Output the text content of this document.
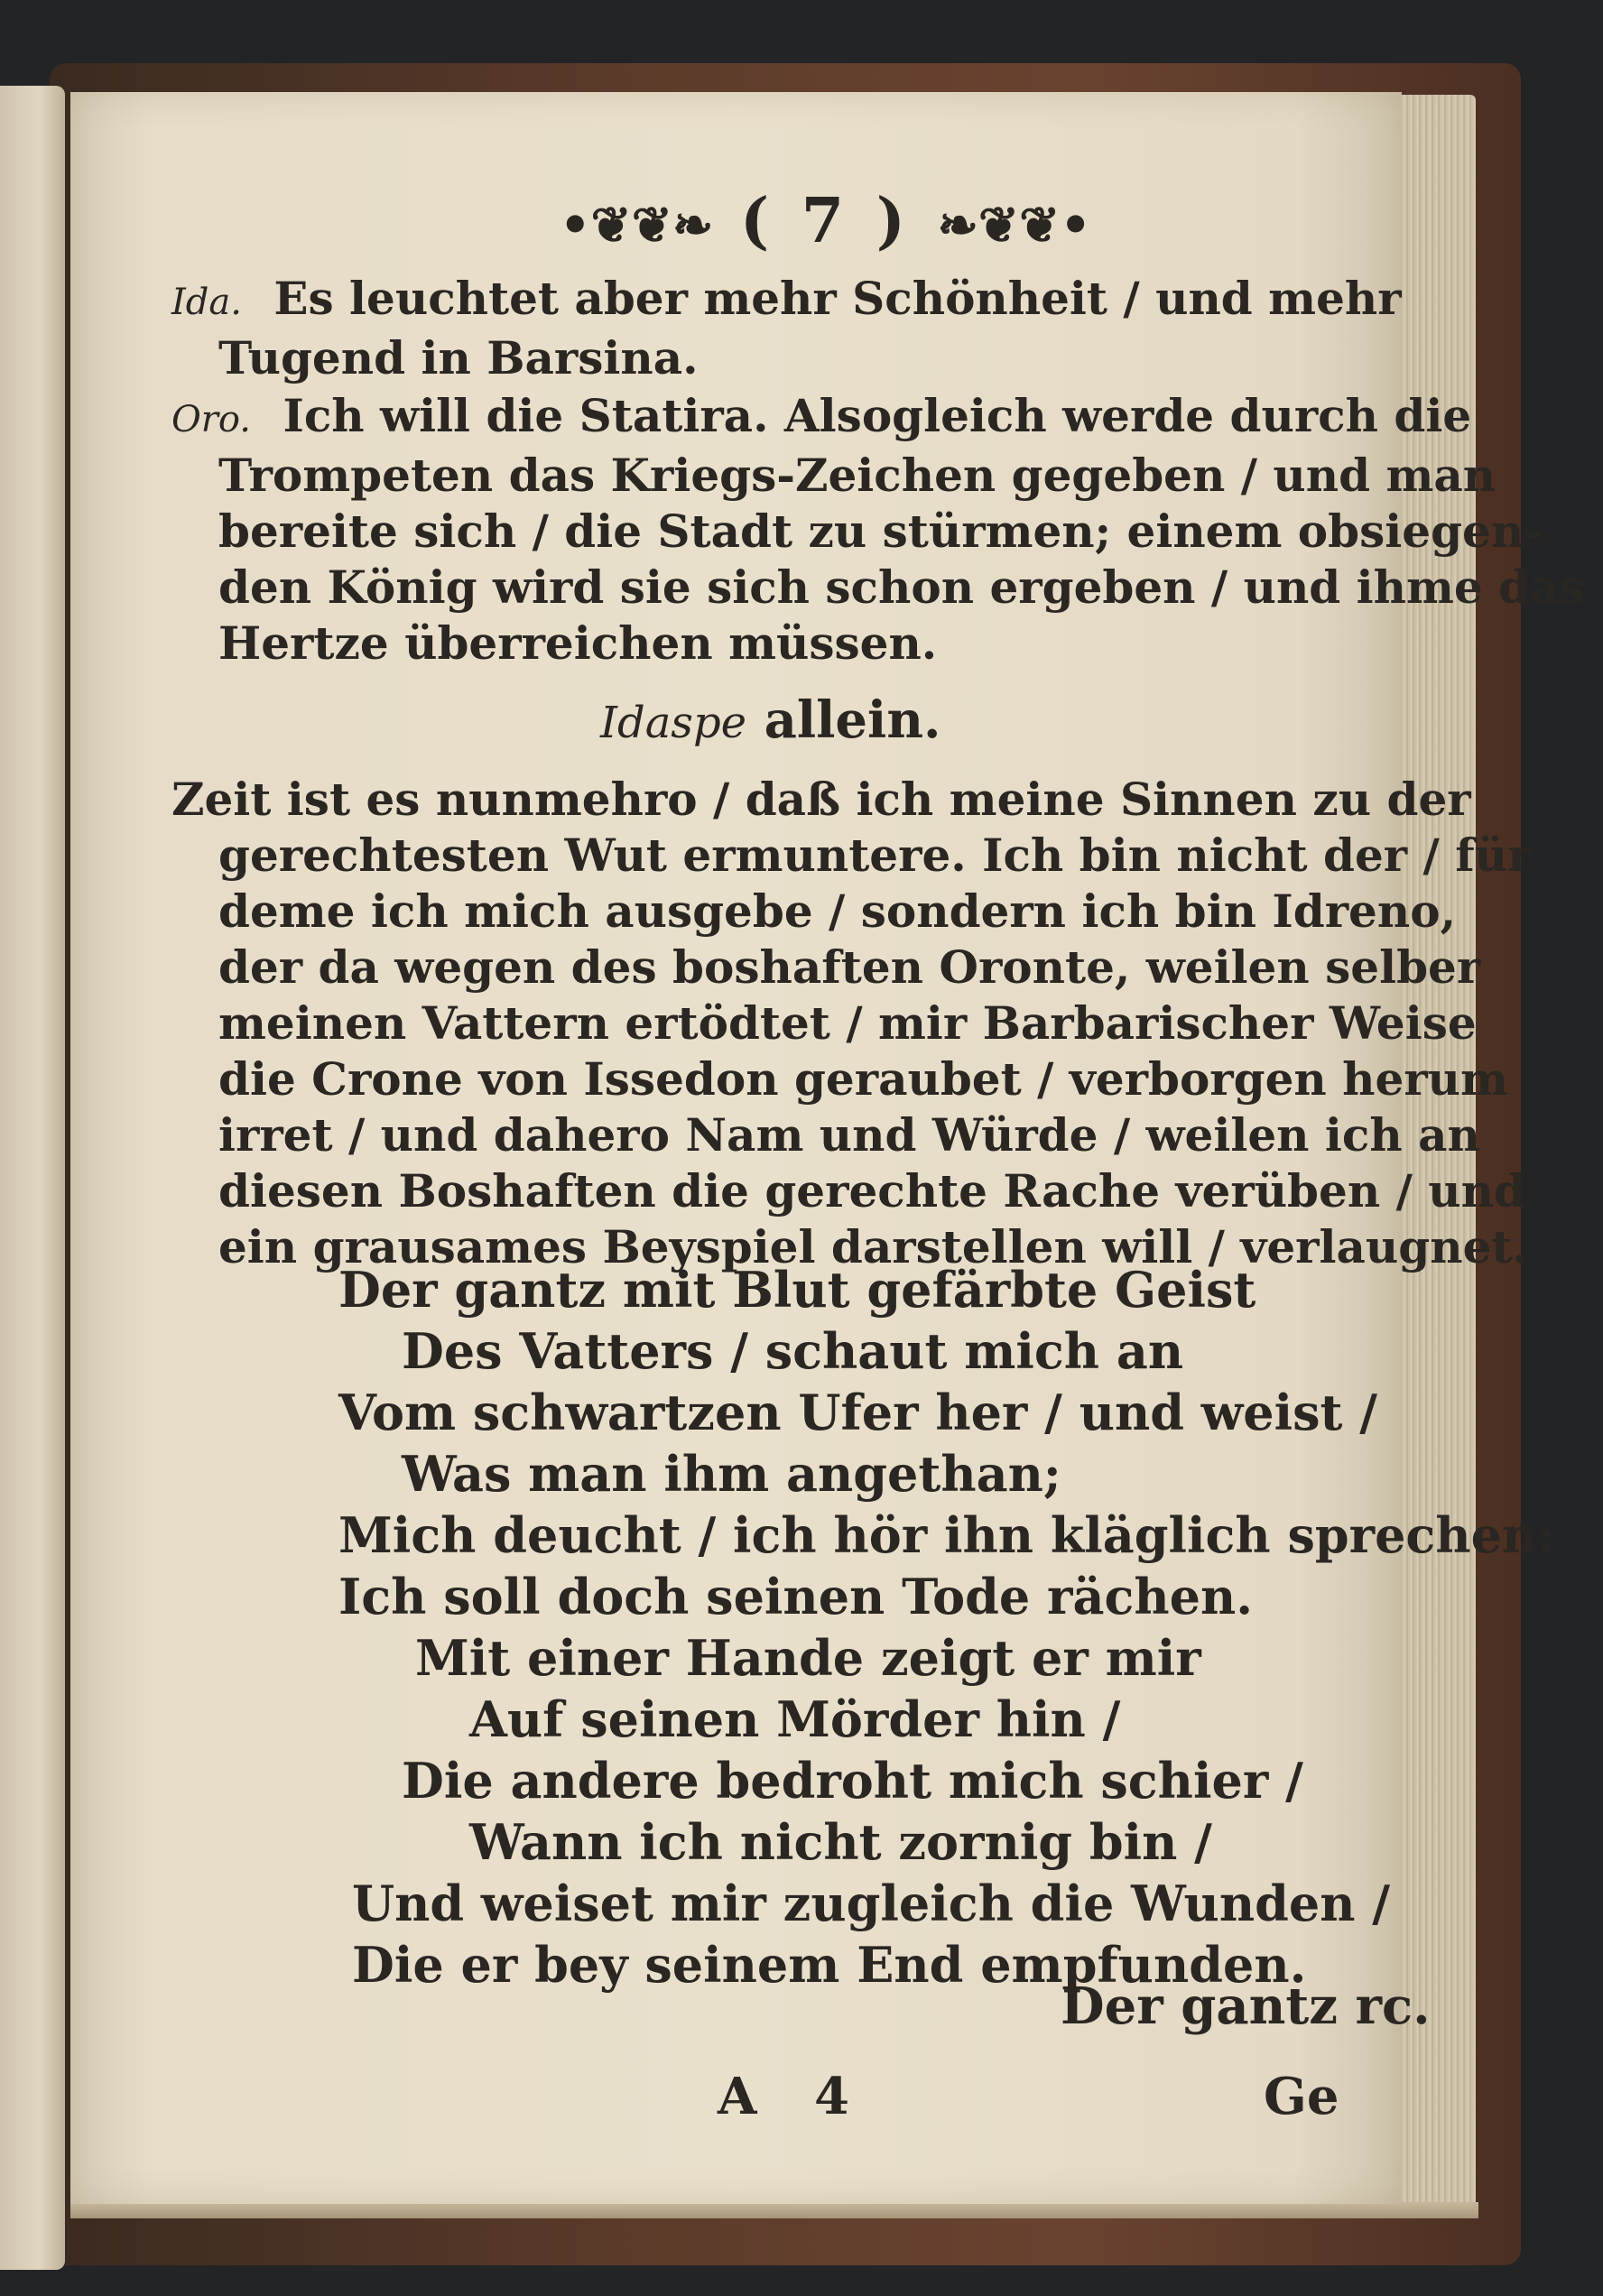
•❦❦❧ ( 7 ) ❧❦❦•
Ida. Es leuchtet aber mehr Schönheit / und mehr
Tugend in Barsina.
Oro. Ich will die Statira. Alsogleich werde durch die
Trompeten das Kriegs-Zeichen gegeben / und man
bereite sich / die Stadt zu stürmen; einem obsiegen-
den König wird sie sich schon ergeben / und ihme das
Hertze überreichen müssen.
Idaspe allein.
Zeit ist es nunmehro / daß ich meine Sinnen zu der
gerechtesten Wut ermuntere. Ich bin nicht der / für
deme ich mich ausgebe / sondern ich bin Idreno,
der da wegen des boshaften Oronte, weilen selber
meinen Vattern ertödtet / mir Barbarischer Weise
die Crone von Issedon geraubet / verborgen herum
irret / und dahero Nam und Würde / weilen ich an
diesen Boshaften die gerechte Rache verüben / und
ein grausames Beyspiel darstellen will / verlaugnet.
Der gantz mit Blut gefärbte Geist
Des Vatters / schaut mich an
Vom schwartzen Ufer her / und weist /
Was man ihm angethan;
Mich deucht / ich hör ihn kläglich sprechen:
Ich soll doch seinen Tode rächen.
Mit einer Hande zeigt er mir
Auf seinen Mörder hin /
Die andere bedroht mich schier /
Wann ich nicht zornig bin /
Und weiset mir zugleich die Wunden /
Die er bey seinem End empfunden.
Der gantz rc.
A 4	Ge
